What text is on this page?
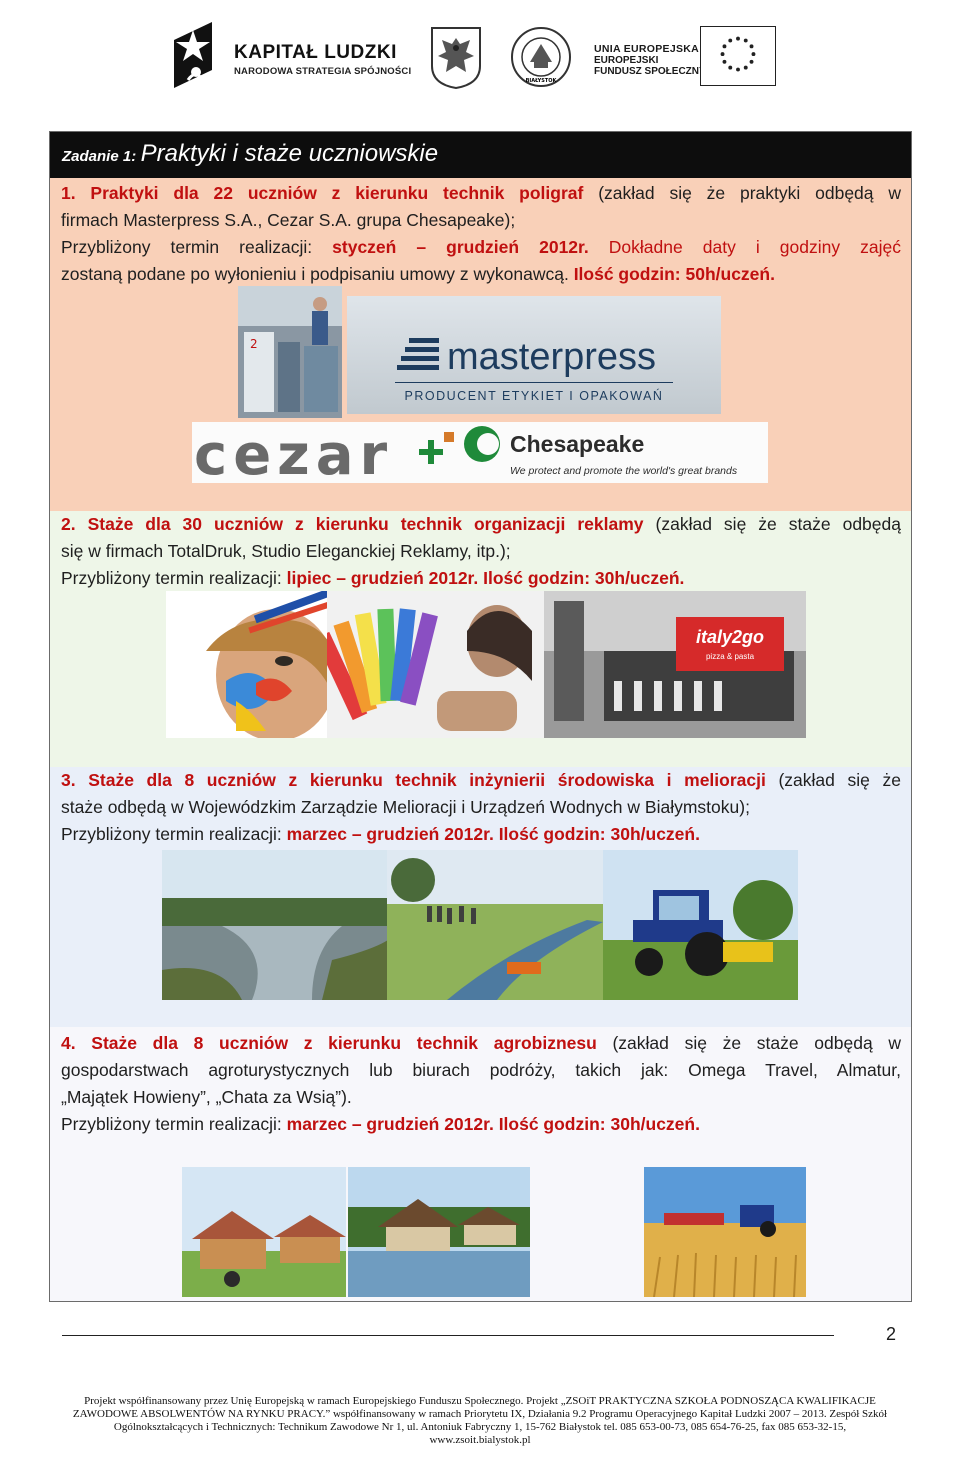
KAPITAŁ LUDZKI
NARODOWA STRATEGIA SPÓJNOŚCI
BIAŁYSTOK
UNIA EUROPEJSKA
EUROPEJSKI
FUNDUSZ SPOŁECZNY
Zadanie 1: Praktyki i staże uczniowskie
1. Praktyki dla 22 uczniów z kierunku technik poligraf (zakład się że praktyki odbędą w
firmach Masterpress S.A., Cezar S.A. grupa Chesapeake);
Przybliżony termin realizacji: styczeń – grudzień 2012r. Dokładne daty i godziny zajęć
zostaną podane po wyłonieniu i podpisaniu umowy z wykonawcą. Ilość godzin: 50h/uczeń.
2	masterpress
PRODUCENT ETYKIET I OPAKOWAŃ
cezar	Chesapeake
We protect and promote the world's great brands
2. Staże dla 30 uczniów z kierunku technik organizacji reklamy (zakład się że staże odbędą
się w firmach TotalDruk, Studio Eleganckiej Reklamy, itp.);
Przybliżony termin realizacji: lipiec – grudzień 2012r. Ilość godzin: 30h/uczeń.
italy2go
pizza & pasta
3. Staże dla 8 uczniów z kierunku technik inżynierii środowiska i melioracji (zakład się że
staże odbędą w Wojewódzkim Zarządzie Melioracji i Urządzeń Wodnych w Białymstoku);
Przybliżony termin realizacji: marzec – grudzień 2012r. Ilość godzin: 30h/uczeń.
4. Staże dla 8 uczniów z kierunku technik agrobiznesu (zakład się że staże odbędą w
gospodarstwach agroturystycznych lub biurach podróży, takich jak: Omega Travel, Almatur,
„Majątek Howieny”, „Chata za Wsią”).
Przybliżony termin realizacji: marzec – grudzień 2012r. Ilość godzin: 30h/uczeń.
2
Projekt współfinansowany przez Unię Europejską w ramach Europejskiego Funduszu Społecznego. Projekt „ZSOiT PRAKTYCZNA SZKOŁA PODNOSZĄCA KWALIFIKACJE
ZAWODOWE ABSOLWENTÓW NA RYNKU PRACY.” współfinansowany w ramach Priorytetu IX, Działania 9.2 Programu Operacyjnego Kapitał Ludzki 2007 – 2013. Zespół Szkół
Ogólnokształcących i Technicznych: Technikum Zawodowe Nr 1, ul. Antoniuk Fabryczny 1, 15-762 Białystok tel. 085 653-00-73, 085 654-76-25, fax 085 653-32-15,
www.zsoit.bialystok.pl
